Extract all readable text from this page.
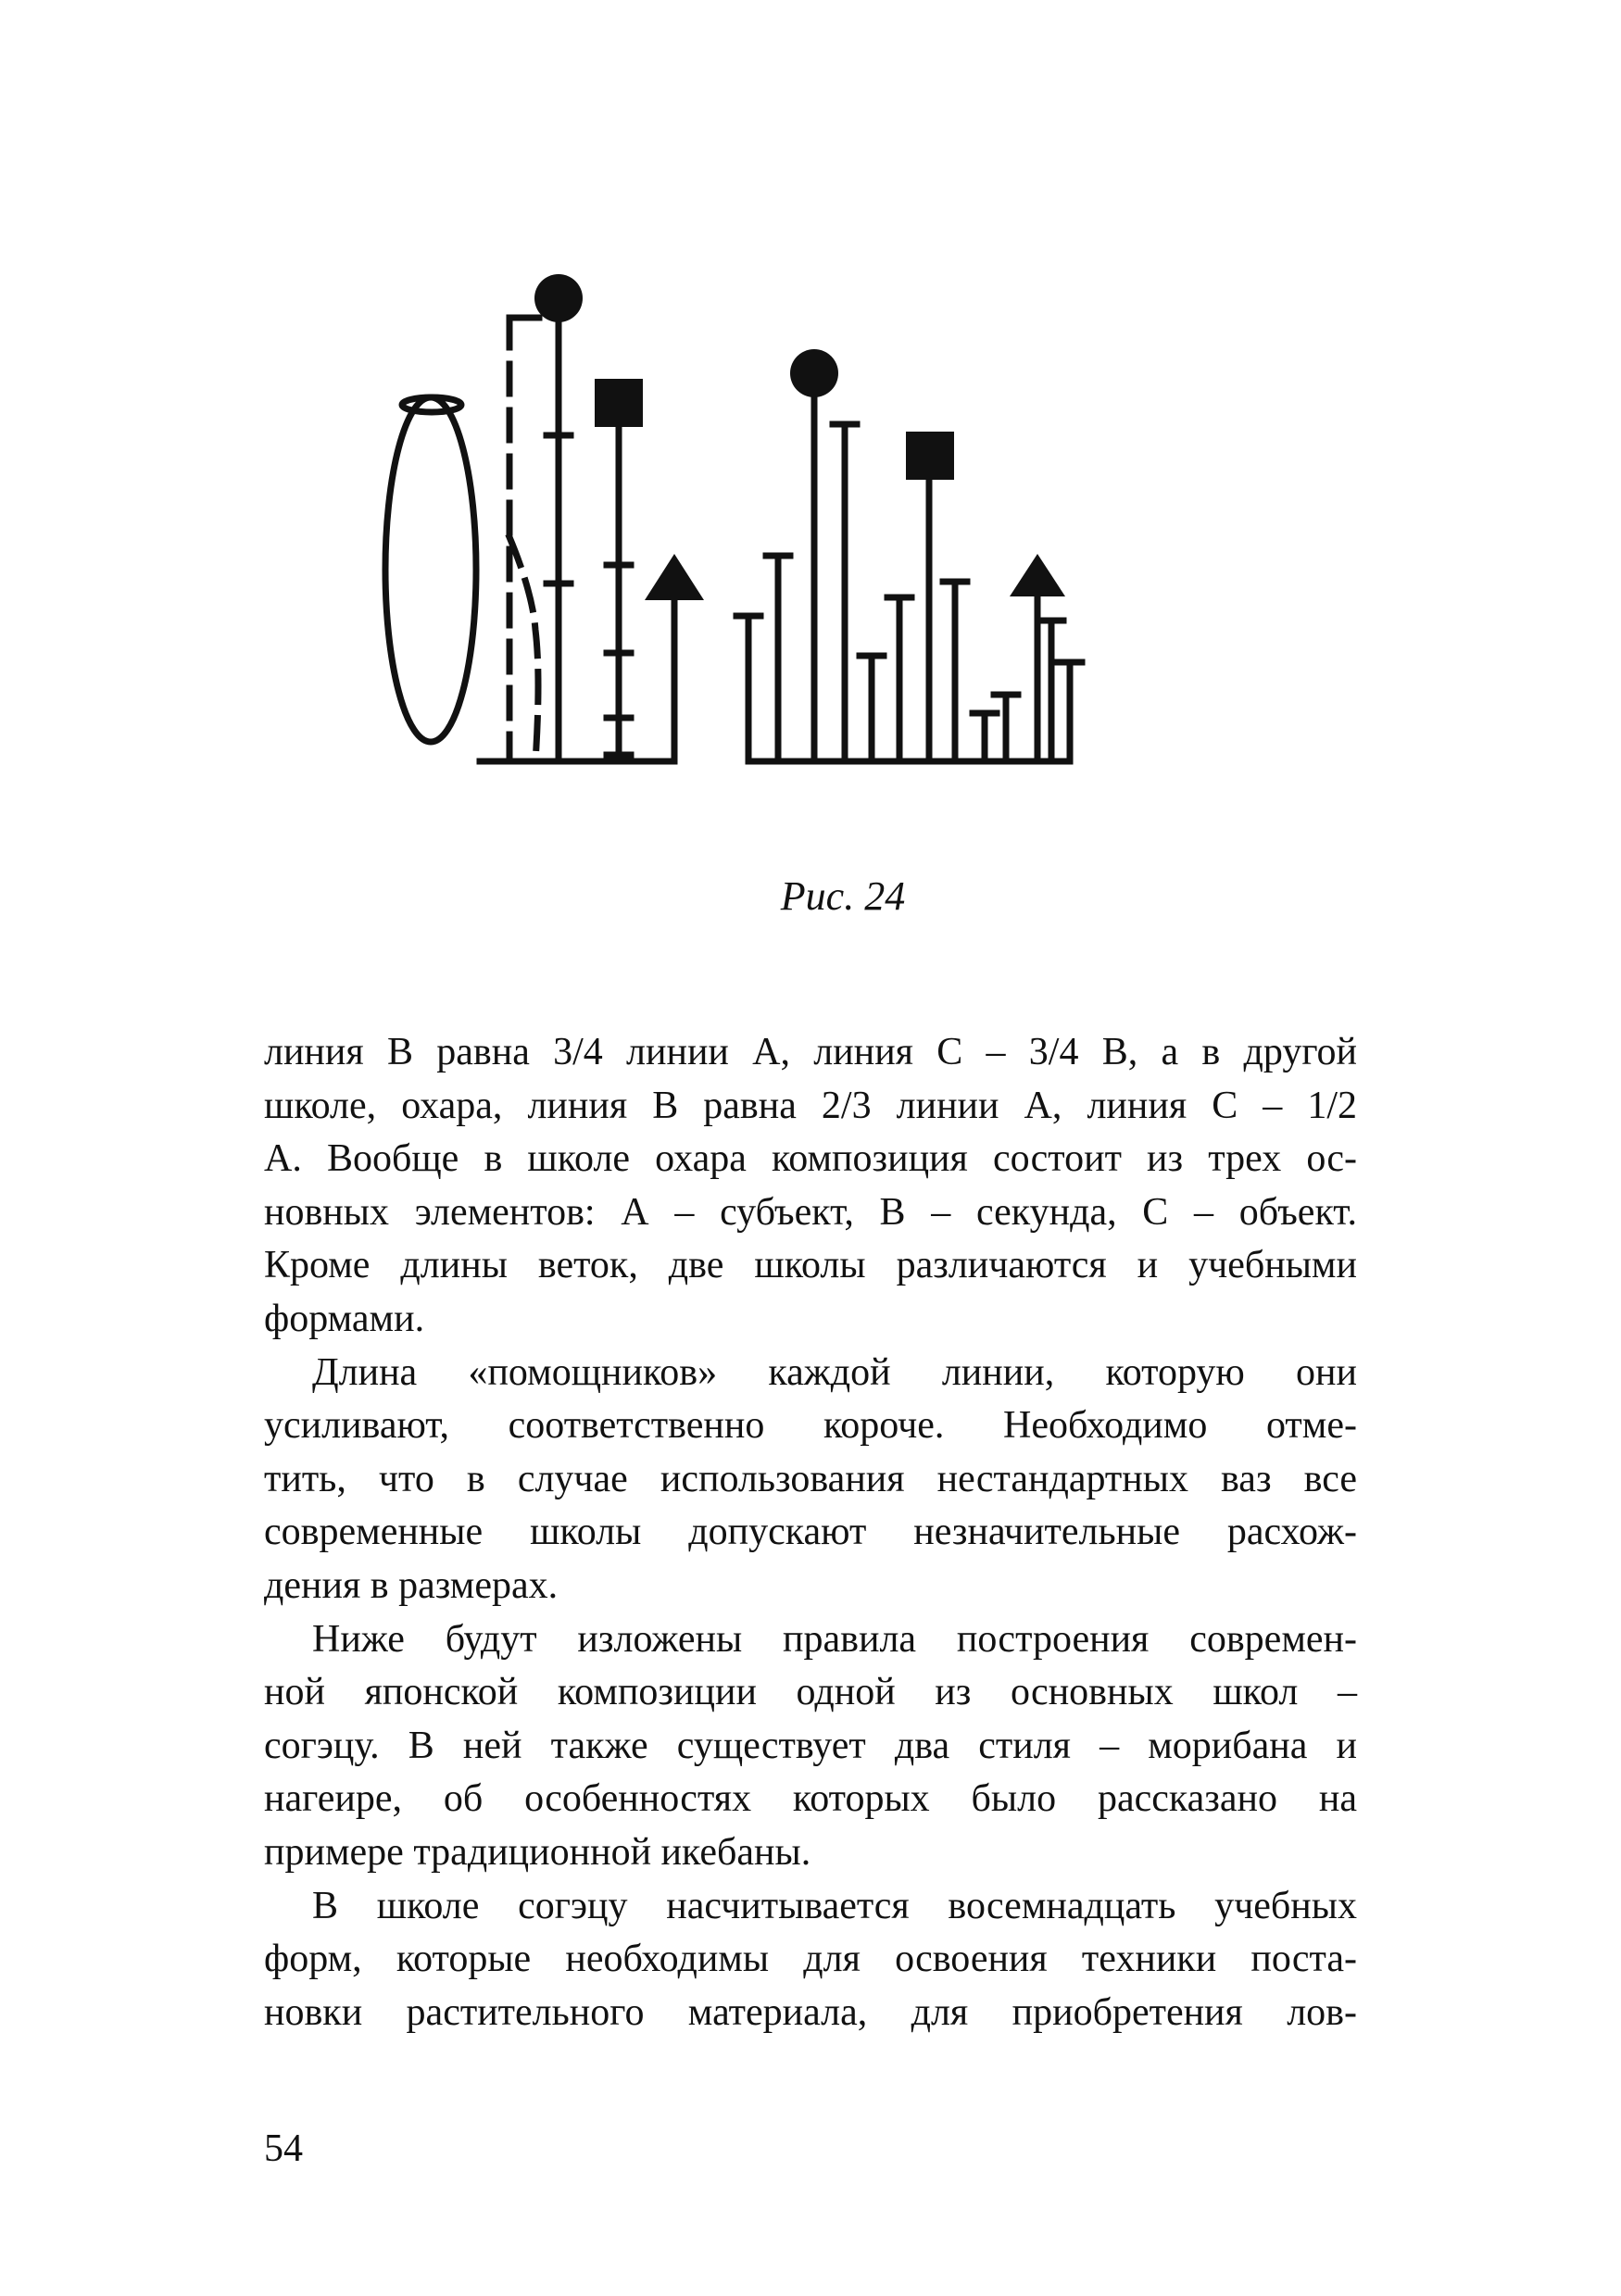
Рис. 24

линия В равна 3/4 линии А, линия С – 3/4 В, а в другой
школе, охара, линия В равна 2/3 линии А, линия С – 1/2
А. Вообще в школе охара композиция состоит из трех ос-
новных элементов: А – субъект, В – секунда, С – объект.
Кроме длины веток, две школы различаются и учебными
формами.

Длина «помощников» каждой линии, которую они
усиливают, соответственно короче. Необходимо отме-
тить, что в случае использования нестандартных ваз все
современные школы допускают незначительные расхож-
дения в размерах.

Ниже будут изложены правила построения современ-
ной японской композиции одной из основных школ –
согэцу. В ней также существует два стиля – морибана и
нагеире, об особенностях которых было рассказано на
примере традиционной икебаны.

В школе согэцу насчитывается восемнадцать учебных
форм, которые необходимы для освоения техники поста-
новки растительного материала, для приобретения лов-

54
